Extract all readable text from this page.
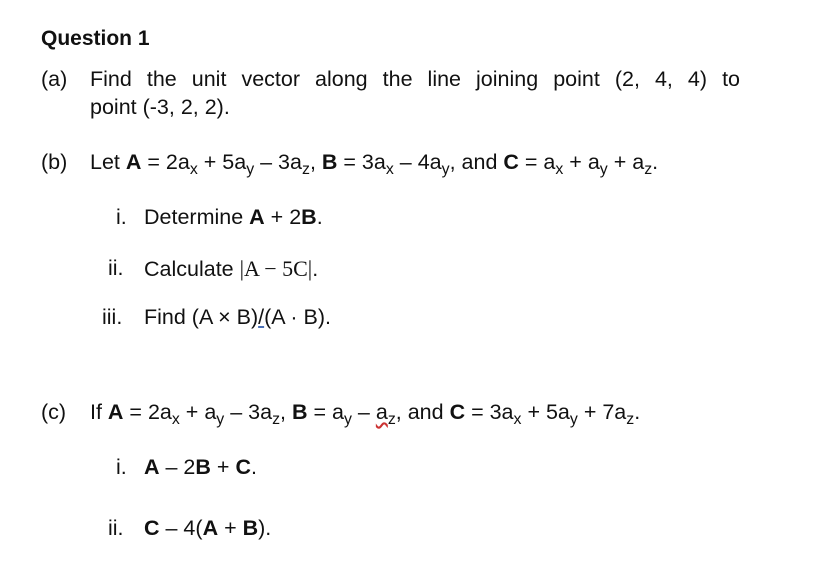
Question 1
(a) Find the unit vector along the line joining point (2, 4, 4) to
point (-3, 2, 2).
(b) Let $A = 2a_x + 5a_y - 3a_z$, $B = 3a_x - 4a_y$, and $C = a_x + a_y + a_z$.
i. Determine A + 2B.
ii. Calculate |A − 5C|.
iii. Find (A × B)/(A · B).
(c) If $A = 2a_x + a_y - 3a_z$, $B = a_y - a_z$, and $C = 3a_x + 5a_y + 7a_z$.
i. A – 2B + C.
ii. C – 4(A + B).
